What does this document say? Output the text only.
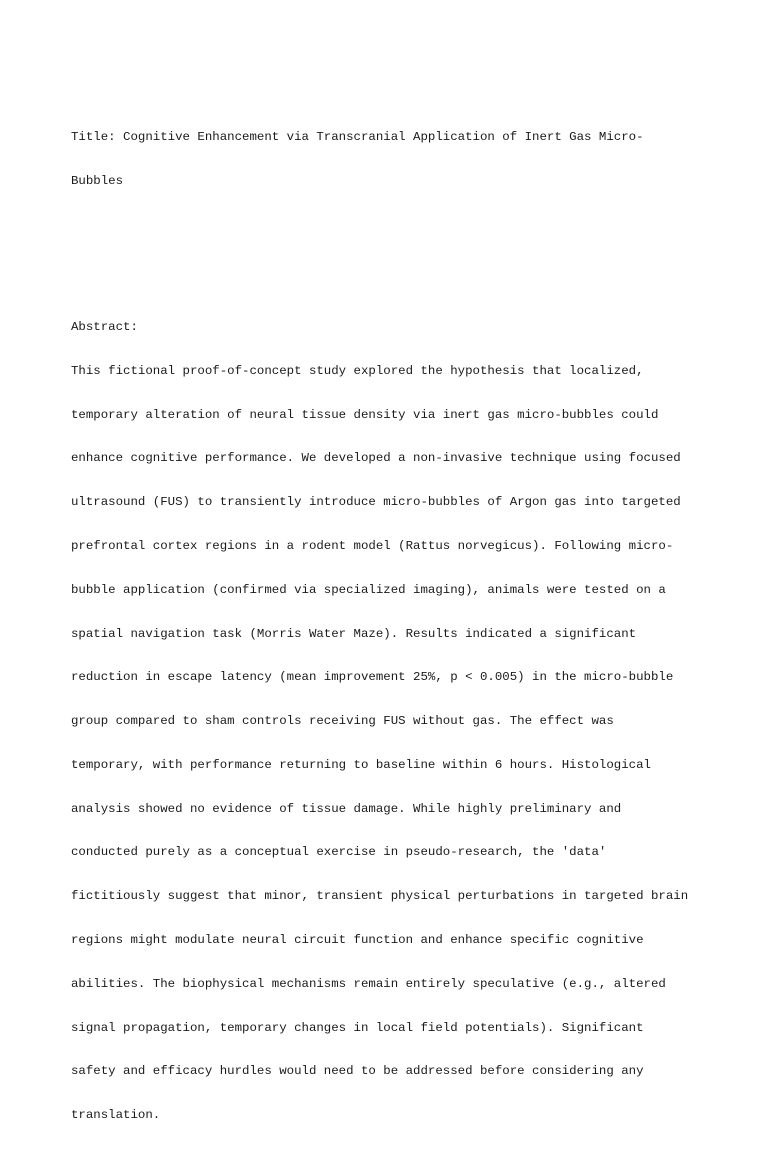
Title: Cognitive Enhancement via Transcranial Application of Inert Gas Micro-

Bubbles

Abstract:

This fictional proof-of-concept study explored the hypothesis that localized,

temporary alteration of neural tissue density via inert gas micro-bubbles could

enhance cognitive performance. We developed a non-invasive technique using focused

ultrasound (FUS) to transiently introduce micro-bubbles of Argon gas into targeted

prefrontal cortex regions in a rodent model (Rattus norvegicus). Following micro-

bubble application (confirmed via specialized imaging), animals were tested on a

spatial navigation task (Morris Water Maze). Results indicated a significant

reduction in escape latency (mean improvement 25%, p < 0.005) in the micro-bubble

group compared to sham controls receiving FUS without gas. The effect was

temporary, with performance returning to baseline within 6 hours. Histological

analysis showed no evidence of tissue damage. While highly preliminary and

conducted purely as a conceptual exercise in pseudo-research, the 'data'

fictitiously suggest that minor, transient physical perturbations in targeted brain

regions might modulate neural circuit function and enhance specific cognitive

abilities. The biophysical mechanisms remain entirely speculative (e.g., altered

signal propagation, temporary changes in local field potentials). Significant

safety and efficacy hurdles would need to be addressed before considering any

translation.
